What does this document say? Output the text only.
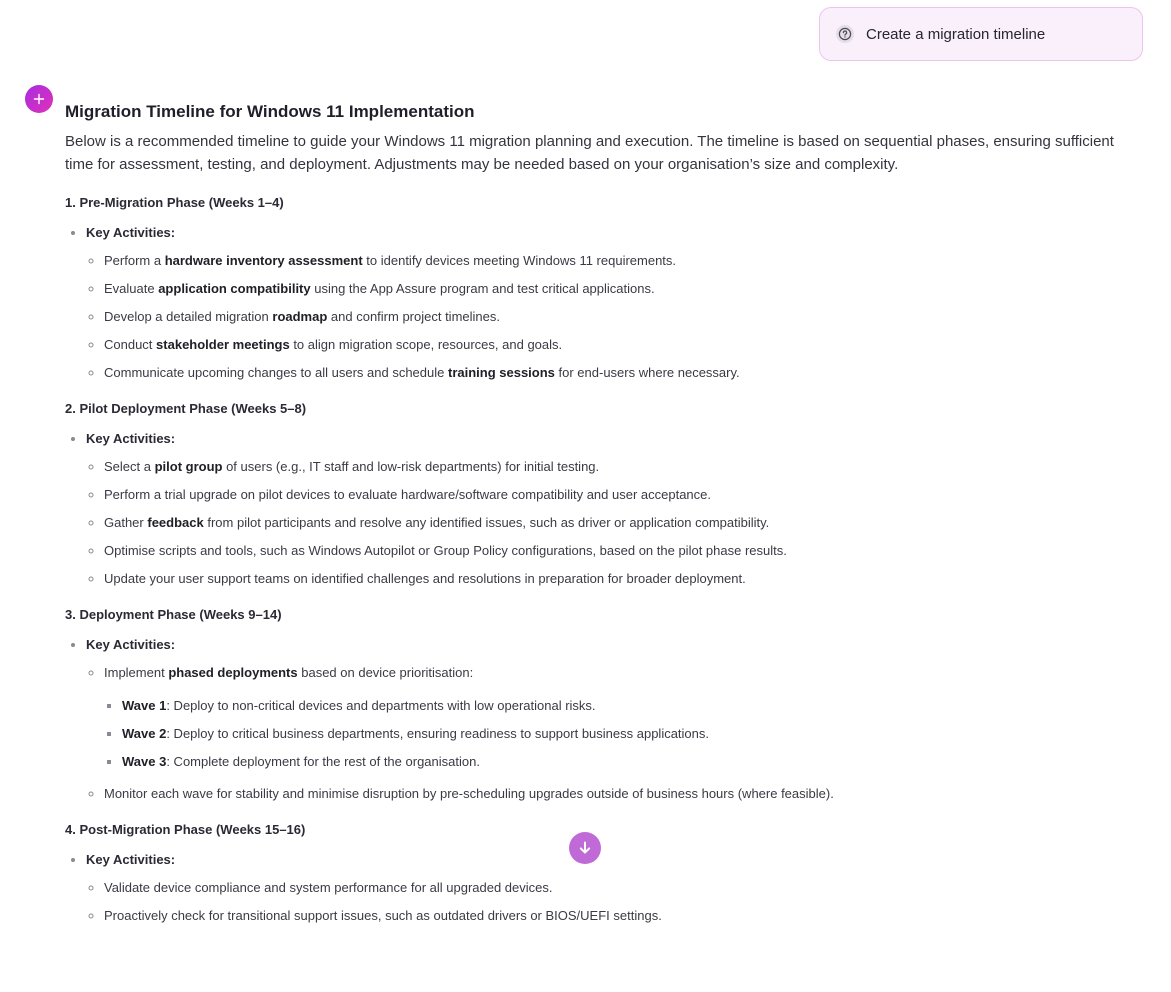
Create a migration timeline
Migration Timeline for Windows 11 Implementation

Below is a recommended timeline to guide your Windows 11 migration planning and execution. The timeline is based on sequential phases, ensuring sufficient time for assessment, testing, and deployment. Adjustments may be needed based on your organisation’s size and complexity.

1. Pre-Migration Phase (Weeks 1–4)
• Key Activities:
◦ Perform a hardware inventory assessment to identify devices meeting Windows 11 requirements.
◦ Evaluate application compatibility using the App Assure program and test critical applications.
◦ Develop a detailed migration roadmap and confirm project timelines.
◦ Conduct stakeholder meetings to align migration scope, resources, and goals.
◦ Communicate upcoming changes to all users and schedule training sessions for end-users where necessary.
2. Pilot Deployment Phase (Weeks 5–8)
• Key Activities:
◦ Select a pilot group of users (e.g., IT staff and low-risk departments) for initial testing.
◦ Perform a trial upgrade on pilot devices to evaluate hardware/software compatibility and user acceptance.
◦ Gather feedback from pilot participants and resolve any identified issues, such as driver or application compatibility.
◦ Optimise scripts and tools, such as Windows Autopilot or Group Policy configurations, based on the pilot phase results.
◦ Update your user support teams on identified challenges and resolutions in preparation for broader deployment.
3. Deployment Phase (Weeks 9–14)
• Key Activities:
◦ Implement phased deployments based on device prioritisation:
▪ Wave 1: Deploy to non-critical devices and departments with low operational risks.
▪ Wave 2: Deploy to critical business departments, ensuring readiness to support business applications.
▪ Wave 3: Complete deployment for the rest of the organisation.
◦ Monitor each wave for stability and minimise disruption by pre-scheduling upgrades outside of business hours (where feasible).
4. Post-Migration Phase (Weeks 15–16)
• Key Activities:
◦ Validate device compliance and system performance for all upgraded devices.
◦ Proactively check for transitional support issues, such as outdated drivers or BIOS/UEFI settings.
